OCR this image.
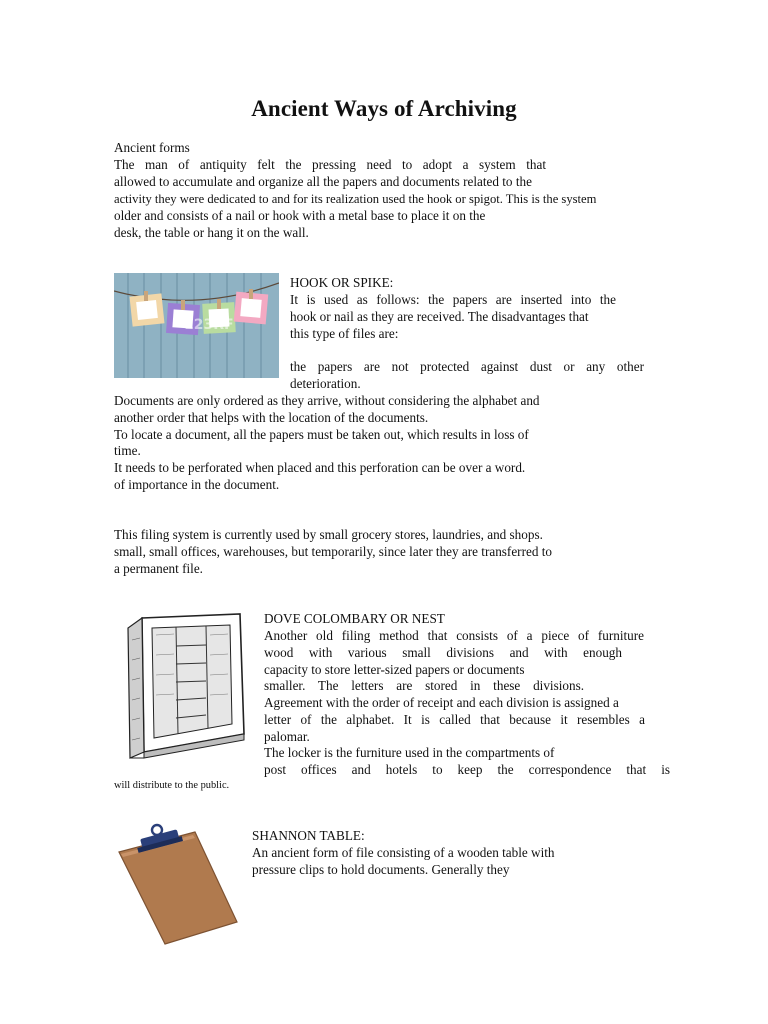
Ancient Ways of Archiving
Ancient forms
The man of antiquity felt the pressing need to adopt a system that
allowed to accumulate and organize all the papers and documents related to the
activity they were dedicated to and for its realization used the hook or spigot. This is the system
older and consists of a nail or hook with a metal base to place it on the
desk, the table or hang it on the wall.
123RF
HOOK OR SPIKE:
It is used as follows: the papers are inserted into the
hook or nail as they are received. The disadvantages that
this type of files are:
the papers are not protected against dust or any other
deterioration.
Documents are only ordered as they arrive, without considering the alphabet and
another order that helps with the location of the documents.
To locate a document, all the papers must be taken out, which results in loss of
time.
It needs to be perforated when placed and this perforation can be over a word.
of importance in the document.
This filing system is currently used by small grocery stores, laundries, and shops.
small, small offices, warehouses, but temporarily, since later they are transferred to
a permanent file.
DOVE COLOMBARY OR NEST
Another old filing method that consists of a piece of furniture
wood with various small divisions and with enough
capacity to store letter-sized papers or documents
smaller. The letters are stored in these divisions.
Agreement with the order of receipt and each division is assigned a
letter of the alphabet. It is called that because it resembles a
palomar.
The locker is the furniture used in the compartments of
post offices and hotels to keep the correspondence that is
will distribute to the public.
SHANNON TABLE:
An ancient form of file consisting of a wooden table with
pressure clips to hold documents. Generally they
